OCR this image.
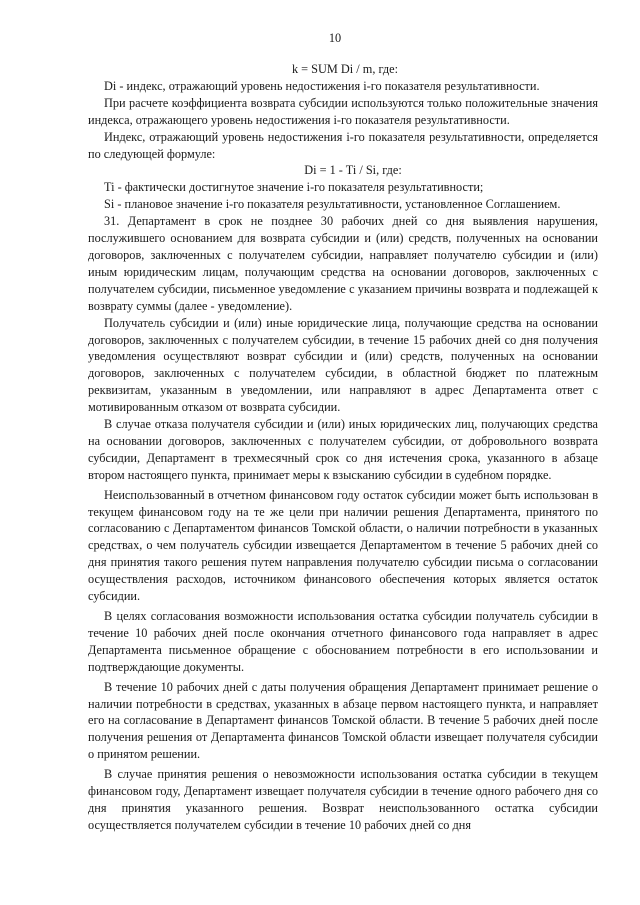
10

k = SUM Di / m, где:

Di - индекс, отражающий уровень недостижения i-го показателя результативности.

При расчете коэффициента возврата субсидии используются только положительные значения индекса, отражающего уровень недостижения i-го показателя результативности.

Индекс, отражающий уровень недостижения i-го показателя результативности, определяется по следующей формуле:

Di = 1 - Ti / Si, где:

Ti - фактически достигнутое значение i-го показателя результативности;

Si - плановое значение i-го показателя результативности, установленное Соглашением.

31. Департамент в срок не позднее 30 рабочих дней со дня выявления нарушения, послужившего основанием для возврата субсидии и (или) средств, полученных на основании договоров, заключенных с получателем субсидии, направляет получателю субсидии и (или) иным юридическим лицам, получающим средства на основании договоров, заключенных с получателем субсидии, письменное уведомление с указанием причины возврата и подлежащей к возврату суммы (далее - уведомление).

Получатель субсидии и (или) иные юридические лица, получающие средства на основании договоров, заключенных с получателем субсидии, в течение 15 рабочих дней со дня получения уведомления осуществляют возврат субсидии и (или) средств, полученных на основании договоров, заключенных с получателем субсидии, в областной бюджет по платежным реквизитам, указанным в уведомлении, или направляют в адрес Департамента ответ с мотивированным отказом от возврата субсидии.

В случае отказа получателя субсидии и (или) иных юридических лиц, получающих средства на основании договоров, заключенных с получателем субсидии, от добровольного возврата субсидии, Департамент в трехмесячный срок со дня истечения срока, указанного в абзаце втором настоящего пункта, принимает меры к взысканию субсидии в судебном порядке.

Неиспользованный в отчетном финансовом году остаток субсидии может быть использован в текущем финансовом году на те же цели при наличии решения Департамента, принятого по согласованию с Департаментом финансов Томской области, о наличии потребности в указанных средствах, о чем получатель субсидии извещается Департаментом в течение 5 рабочих дней со дня принятия такого решения путем направления получателю субсидии письма о согласовании осуществления расходов, источником финансового обеспечения которых является остаток субсидии.

В целях согласования возможности использования остатка субсидии получатель субсидии в течение 10 рабочих дней после окончания отчетного финансового года направляет в адрес Департамента письменное обращение с обоснованием потребности в его использовании и подтверждающие документы.

В течение 10 рабочих дней с даты получения обращения Департамент принимает решение о наличии потребности в средствах, указанных в абзаце первом настоящего пункта, и направляет его на согласование в Департамент финансов Томской области. В течение 5 рабочих дней после получения решения от Департамента финансов Томской области извещает получателя субсидии о принятом решении.

В случае принятия решения о невозможности использования остатка субсидии в текущем финансовом году, Департамент извещает получателя субсидии в течение одного рабочего дня со дня принятия указанного решения. Возврат неиспользованного остатка субсидии осуществляется получателем субсидии в течение 10 рабочих дней со дня
